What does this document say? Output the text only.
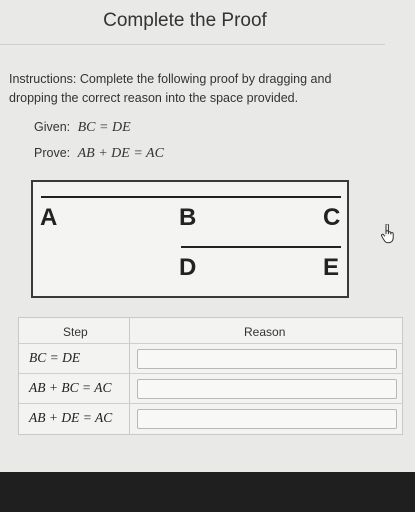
Complete the Proof
Instructions: Complete the following proof by dragging and dropping the correct reason into the space provided.
Given: BC = DE
Prove: AB + DE = AC
A	B	C
D	E
Step	Reason
BC = DE
AB + BC = AC
AB + DE = AC
